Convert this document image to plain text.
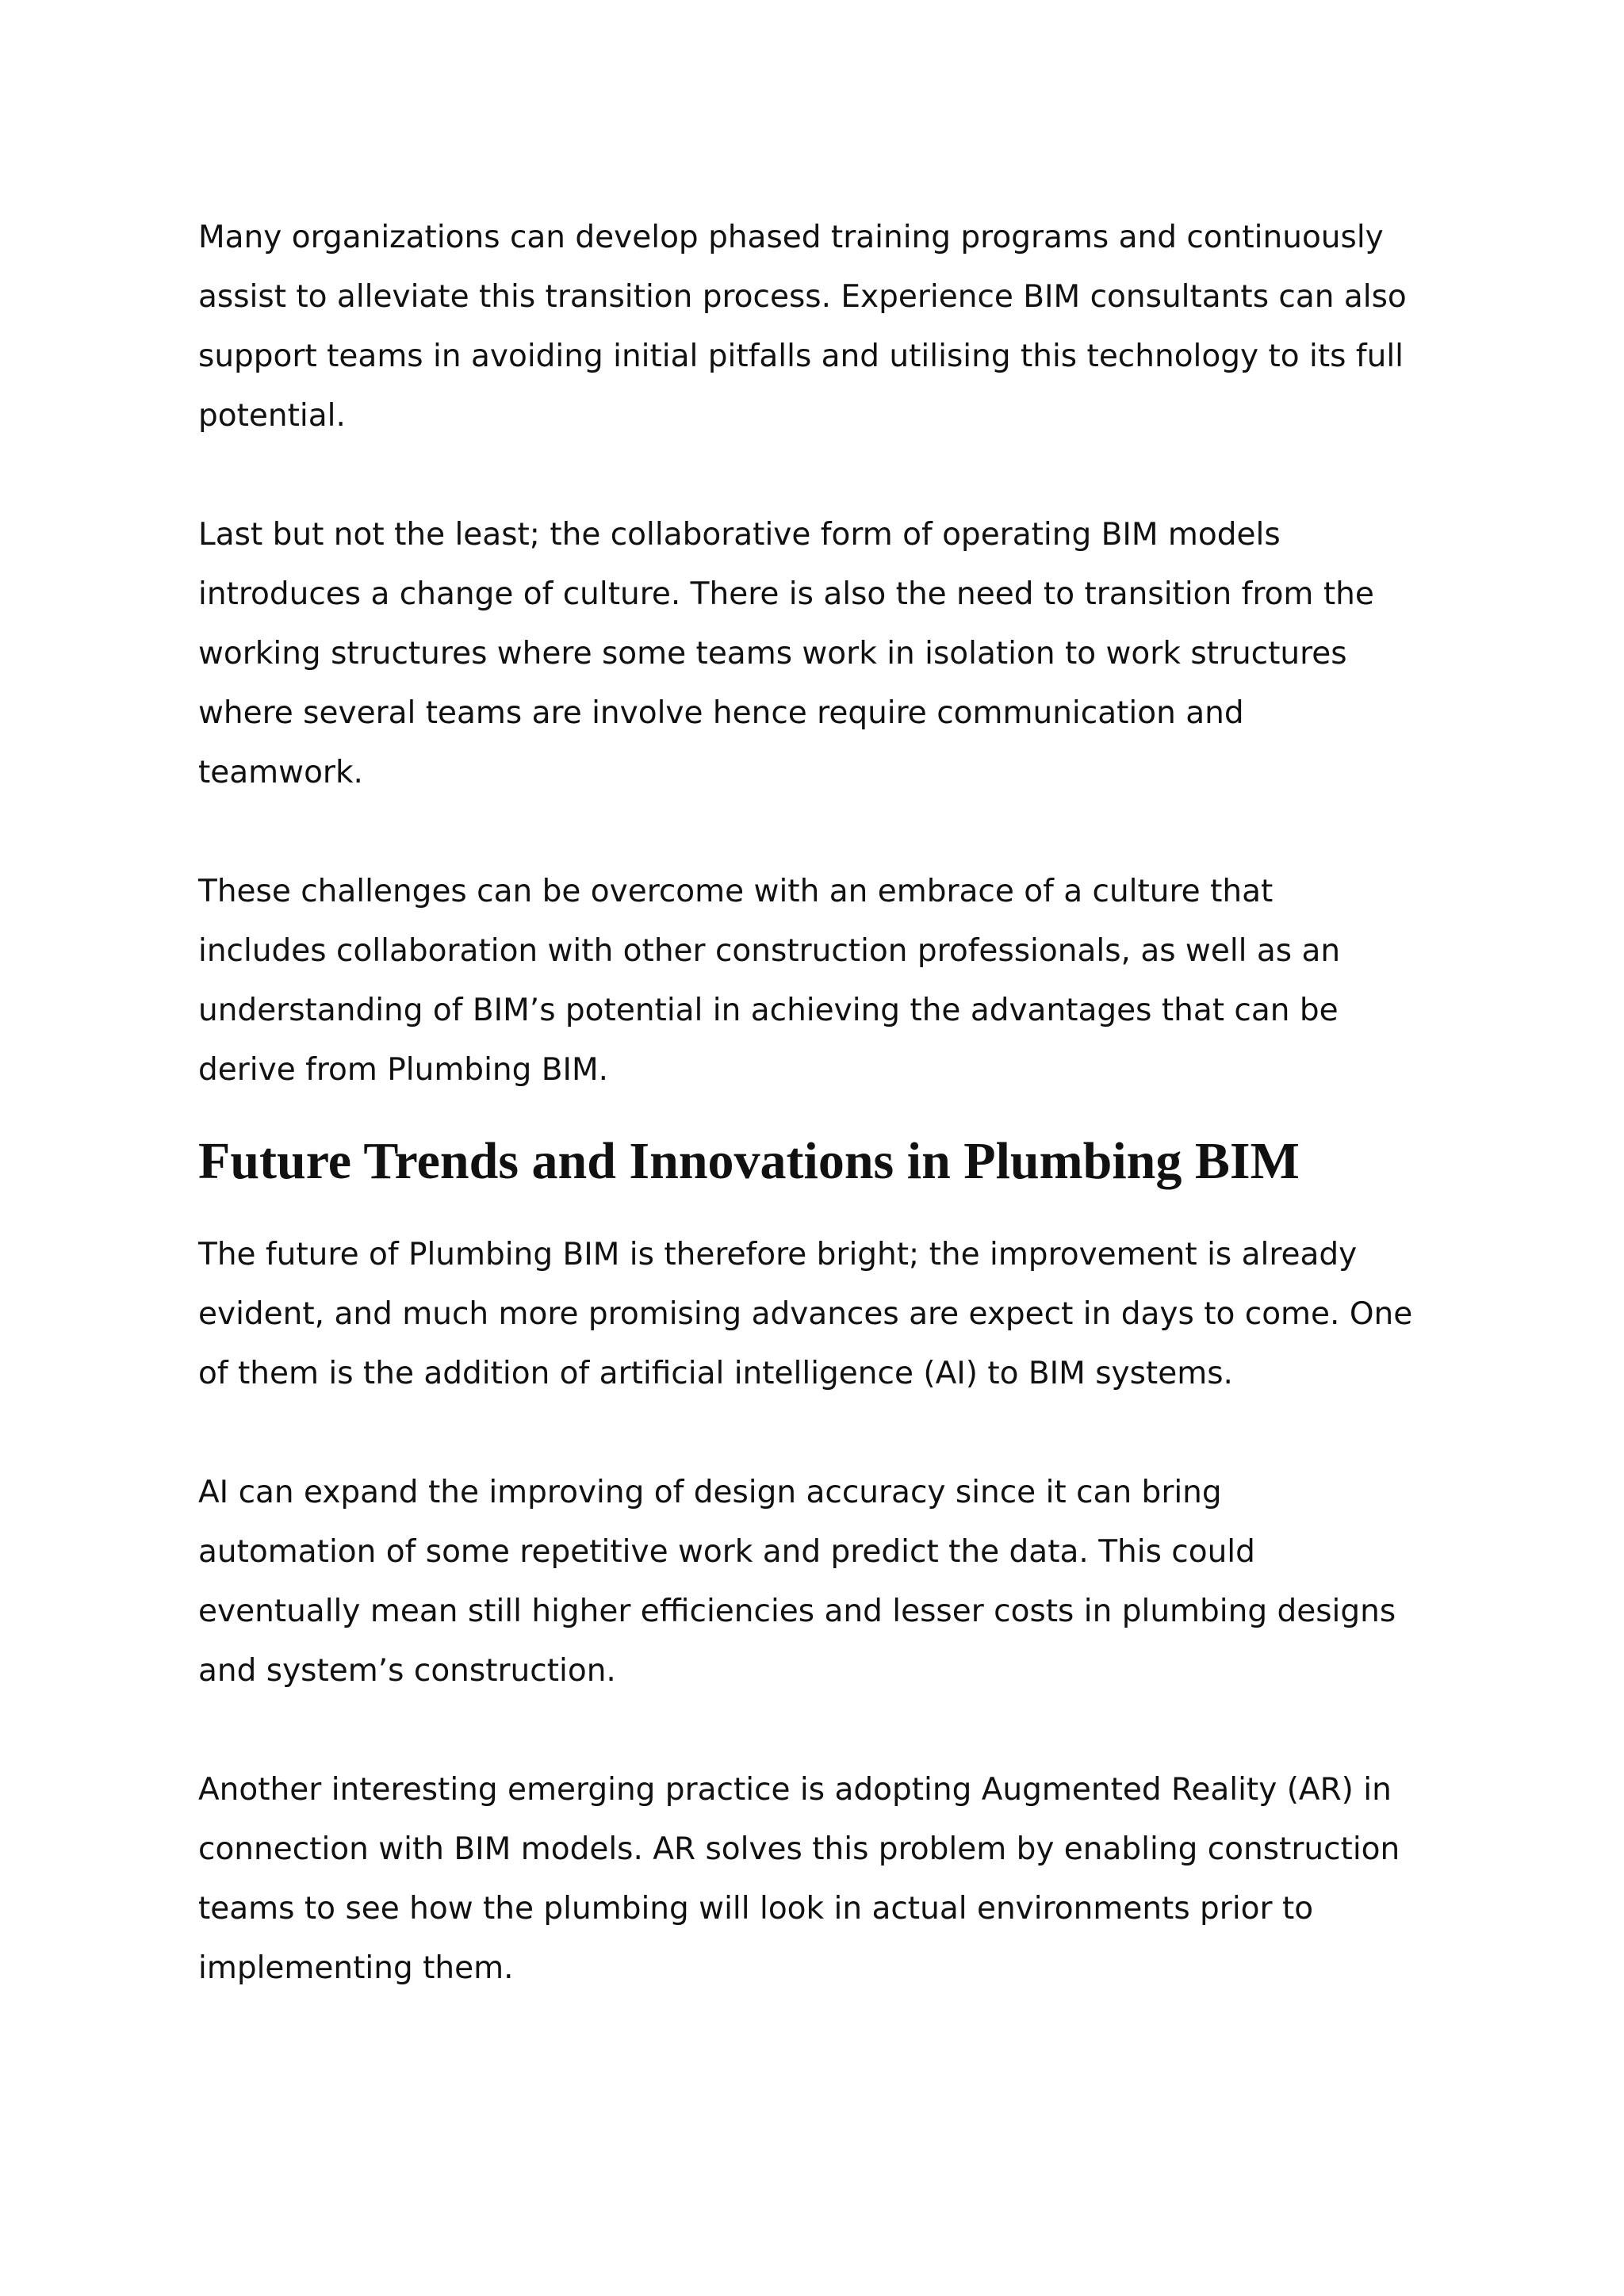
Many organizations can develop phased training programs and continuously
assist to alleviate this transition process. Experience BIM consultants can also
support teams in avoiding initial pitfalls and utilising this technology to its full
potential.

Last but not the least; the collaborative form of operating BIM models
introduces a change of culture. There is also the need to transition from the
working structures where some teams work in isolation to work structures
where several teams are involve hence require communication and
teamwork.

These challenges can be overcome with an embrace of a culture that
includes collaboration with other construction professionals, as well as an
understanding of BIM’s potential in achieving the advantages that can be
derive from Plumbing BIM.

Future Trends and Innovations in Plumbing BIM

The future of Plumbing BIM is therefore bright; the improvement is already
evident, and much more promising advances are expect in days to come. One
of them is the addition of artificial intelligence (AI) to BIM systems.

AI can expand the improving of design accuracy since it can bring
automation of some repetitive work and predict the data. This could
eventually mean still higher efficiencies and lesser costs in plumbing designs
and system’s construction.

Another interesting emerging practice is adopting Augmented Reality (AR) in
connection with BIM models. AR solves this problem by enabling construction
teams to see how the plumbing will look in actual environments prior to
implementing them.
